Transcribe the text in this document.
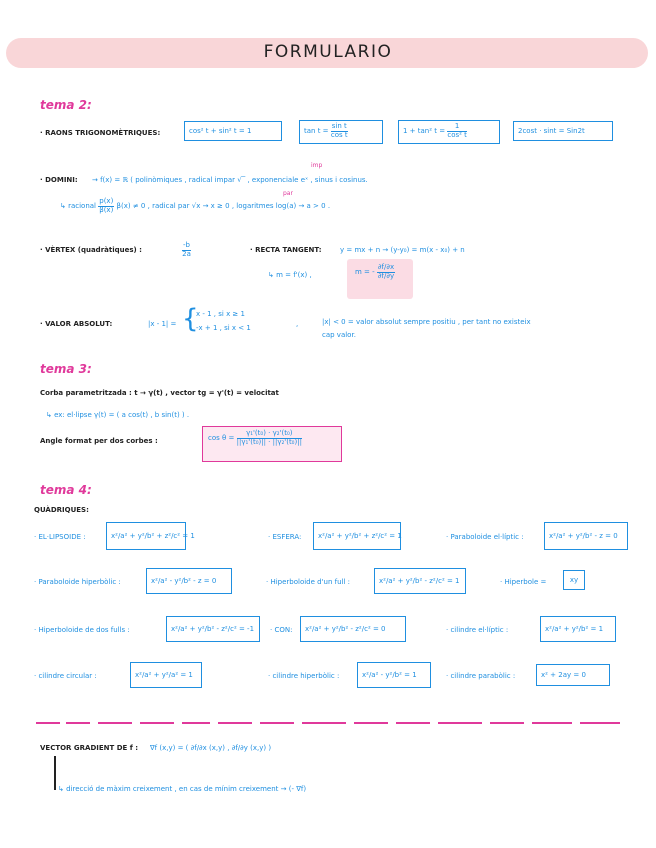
FORMULARIO
tema 2:
· RAONS TRIGONOMÈTRIQUES:	cos² t + sin² t = 1	$\tan t = \frac{\text{sin t}}{\text{cos t}}$	1 + tan² $t = \frac{1}{\text{cos² t}}$	2cost · sint = Sin2t
imp
· DOMINI: → f(x) = ℝ ( polinòmiques , radical impar √‾ , exponenciale eˣ , sinus i cosinus.
par
↳ racional $\frac{p(x)}{\beta(x)} \beta(x) \ne 0$ , radical par √x → x ≥ 0 , logaritmes log(a) → a > 0 .
· VÈRTEX (quadràtiques) :	$\frac{-b}{2a}$	· RECTA TANGENT:	y = mx + n → (y-y₀) = m(x - x₀) + n
↳ m = f'(x) ,	m = - $\frac{\partial f/\partial x}{\partial f/\partial y}$
· VALOR ABSOLUT:	|x - 1| = {
x - 1 , si x ≥ 1
-x + 1 , si x < 1	,	|x| < 0 = valor absolut sempre positiu , per tant no existeix
cap valor.
tema 3:
Corba parametritzada : t → γ(t) , vector tg = γ'(t) = velocitat
↳ ex: el·lipse γ(t) = ( a cos(t) , b sin(t) ) .
Angle format per dos corbes :	$\cos \theta = \frac{\text{γ₁'(t₀) · γ₂'(t₀)}}{\text{||γ₁'(t₀)|| · ||γ₂'(t₀)||}}$
tema 4:
QUÀDRIQUES:
· EL·LIPSOIDE :	x²/a² + y²/b² + z²/c² = 1	· ESFERA:	x²/a² + y²/b² + z²/c² = 1	· Paraboloide el·líptic :	x²/a² + y²/b² - z = 0
· Paraboloide hiperbòlic :	x²/a² - y²/b² - z = 0	· Hiperboloide d'un full :	x²/a² + y²/b² - z²/c² = 1	· Hiperbole =	xy
· Hiperboloide de dos fulls :	x²/a² + y²/b² - z²/c² = -1	· CON:	x²/a² + y²/b² - z²/c² = 0	· cilindre el·líptic :	x²/a² + y²/b² = 1
· cilindre circular :	x²/a² + y²/a² = 1	· cilindre hiperbòlic :	x²/a² - y²/b² = 1	· cilindre parabòlic :	x² + 2ay = 0
VECTOR GRADIENT DE f : ∇f (x,y) = ( ∂f/∂x (x,y) , ∂f/∂y (x,y) )
↳ direcció de màxim creixement , en cas de mínim creixement → (- ∇f)
